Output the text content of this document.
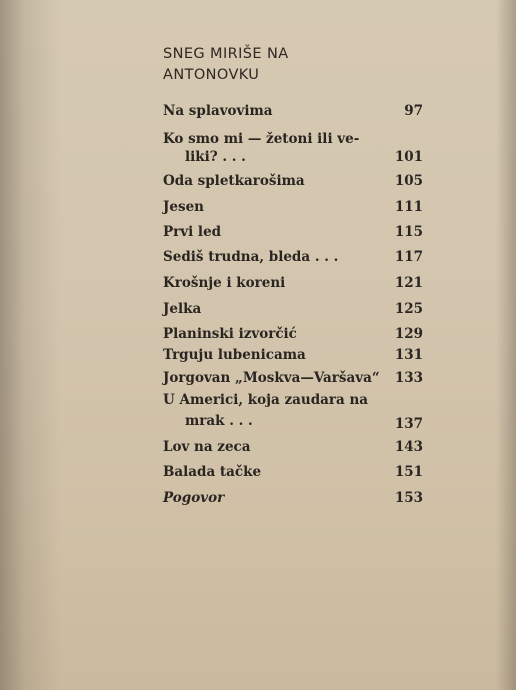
SNEG MIRIŠE NA
ANTONOVKU
Na splavovima	97
Ko smo mi — žetoni ili ve-
liki? . . .	101
Oda spletkarošima	105
Jesen	111
Prvi led	115
Sediš trudna, bleda . . .	117
Krošnje i koreni	121
Jelka	125
Planinski izvorčić	129
Trguju lubenicama	131
Jorgovan „Moskva—Varšava“	133
U Americi, koja zaudara na
mrak . . .	137
Lov na zeca	143
Balada tačke	151
Pogovor	153
